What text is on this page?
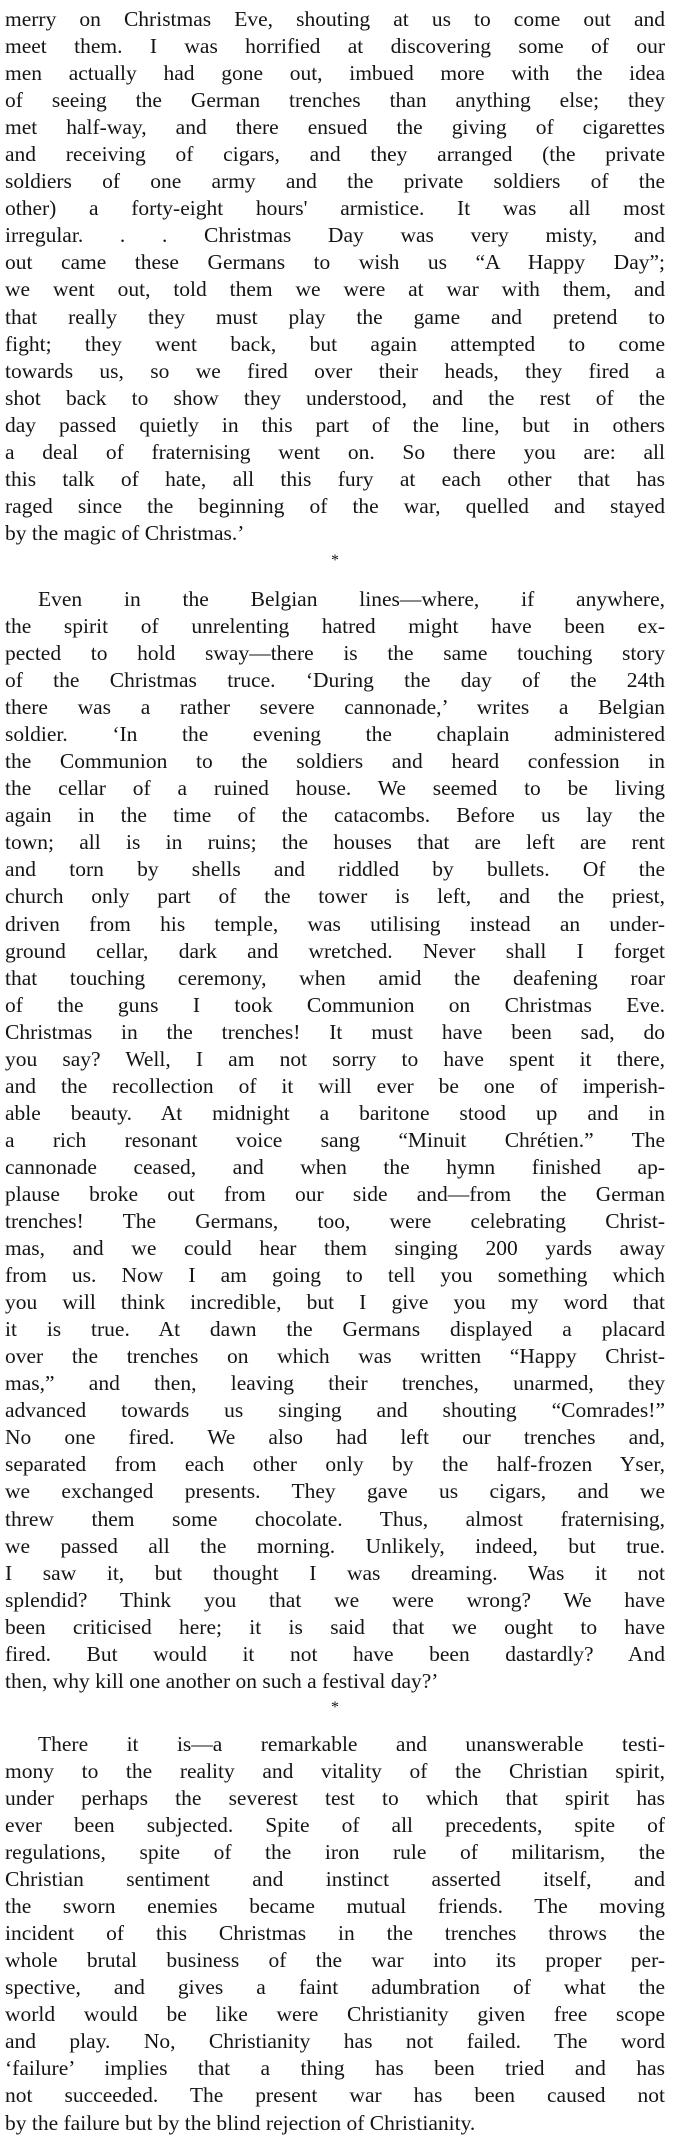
merry on Christmas Eve, shouting at us to come out and
meet them. I was horrified at discovering some of our
men actually had gone out, imbued more with the idea
of seeing the German trenches than anything else; they
met half-way, and there ensued the giving of cigarettes
and receiving of cigars, and they arranged (the private
soldiers of one army and the private soldiers of the
other) a forty-eight hours' armistice. It was all most
irregular. . . Christmas Day was very misty, and
out came these Germans to wish us “A Happy Day”;
we went out, told them we were at war with them, and
that really they must play the game and pretend to
fight; they went back, but again attempted to come
towards us, so we fired over their heads, they fired a
shot back to show they understood, and the rest of the
day passed quietly in this part of the line, but in others
a deal of fraternising went on. So there you are: all
this talk of hate, all this fury at each other that has
raged since the beginning of the war, quelled and stayed
by the magic of Christmas.’
*
Even in the Belgian lines—where, if anywhere,
the spirit of unrelenting hatred might have been ex-
pected to hold sway—there is the same touching story
of the Christmas truce. ‘During the day of the 24th
there was a rather severe cannonade,’ writes a Belgian
soldier. ‘In the evening the chaplain administered
the Communion to the soldiers and heard confession in
the cellar of a ruined house. We seemed to be living
again in the time of the catacombs. Before us lay the
town; all is in ruins; the houses that are left are rent
and torn by shells and riddled by bullets. Of the
church only part of the tower is left, and the priest,
driven from his temple, was utilising instead an under-
ground cellar, dark and wretched. Never shall I forget
that touching ceremony, when amid the deafening roar
of the guns I took Communion on Christmas Eve.
Christmas in the trenches! It must have been sad, do
you say? Well, I am not sorry to have spent it there,
and the recollection of it will ever be one of imperish-
able beauty. At midnight a baritone stood up and in
a rich resonant voice sang “Minuit Chrétien.” The
cannonade ceased, and when the hymn finished ap-
plause broke out from our side and—from the German
trenches! The Germans, too, were celebrating Christ-
mas, and we could hear them singing 200 yards away
from us. Now I am going to tell you something which
you will think incredible, but I give you my word that
it is true. At dawn the Germans displayed a placard
over the trenches on which was written “Happy Christ-
mas,” and then, leaving their trenches, unarmed, they
advanced towards us singing and shouting “Comrades!”
No one fired. We also had left our trenches and,
separated from each other only by the half-frozen Yser,
we exchanged presents. They gave us cigars, and we
threw them some chocolate. Thus, almost fraternising,
we passed all the morning. Unlikely, indeed, but true.
I saw it, but thought I was dreaming. Was it not
splendid? Think you that we were wrong? We have
been criticised here; it is said that we ought to have
fired. But would it not have been dastardly? And
then, why kill one another on such a festival day?’
*
There it is—a remarkable and unanswerable testi-
mony to the reality and vitality of the Christian spirit,
under perhaps the severest test to which that spirit has
ever been subjected. Spite of all precedents, spite of
regulations, spite of the iron rule of militarism, the
Christian sentiment and instinct asserted itself, and
the sworn enemies became mutual friends. The moving
incident of this Christmas in the trenches throws the
whole brutal business of the war into its proper per-
spective, and gives a faint adumbration of what the
world would be like were Christianity given free scope
and play. No, Christianity has not failed. The word
‘failure’ implies that a thing has been tried and has
not succeeded. The present war has been caused not
by the failure but by the blind rejection of Christianity.
